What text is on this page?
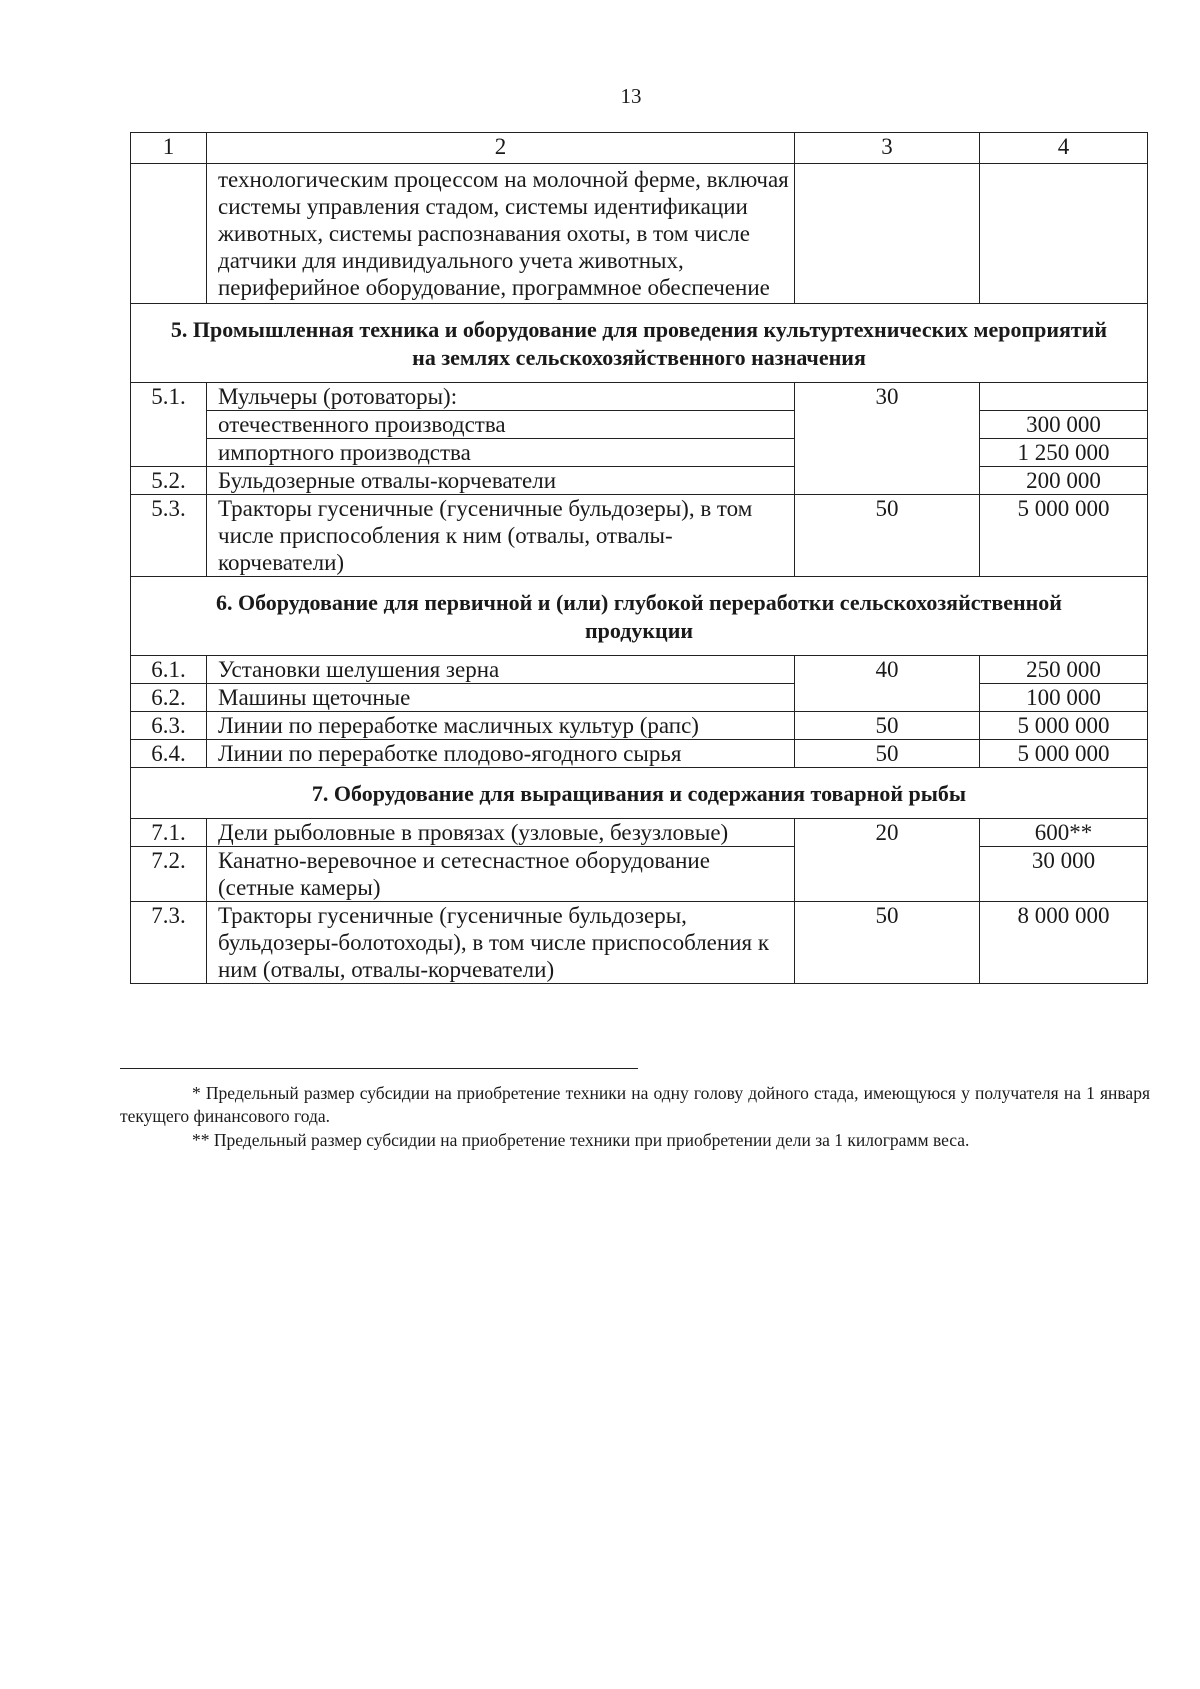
13
1	2	3	4
	технологическим процессом на молочной ферме, включая системы управления стадом, системы идентификации животных, системы распознавания охоты, в том числе датчики для индивидуального учета животных, периферийное оборудование, программное обеспечение		
5. Промышленная техника и оборудование для проведения культуртехнических мероприятий на землях сельскохозяйственного назначения			
5.1.	Мульчеры (ротоваторы):	30	
	отечественного производства		300 000
	импортного производства		1 250 000
5.2.	Бульдозерные отвалы-корчеватели		200 000
5.3.	Тракторы гусеничные (гусеничные бульдозеры), в том числе приспособления к ним (отвалы, отвалы-корчеватели)	50	5 000 000
6. Оборудование для первичной и (или) глубокой переработки сельскохозяйственной продукции			
6.1.	Установки шелушения зерна	40	250 000
6.2.	Машины щеточные		100 000
6.3.	Линии по переработке масличных культур (рапс)	50	5 000 000
6.4.	Линии по переработке плодово-ягодного сырья	50	5 000 000
7. Оборудование для выращивания и содержания товарной рыбы			
7.1.	Дели рыболовные в провязах (узловые, безузловые)	20	600**
7.2.	Канатно-веревочное и сетеснастное оборудование (сетные камеры)		30 000
7.3.	Тракторы гусеничные (гусеничные бульдозеры, бульдозеры-болотоходы), в том числе приспособления к ним (отвалы, отвалы-корчеватели)	50	8 000 000
* Предельный размер субсидии на приобретение техники на одну голову дойного стада, имеющуюся у получателя на 1 января текущего финансового года.
** Предельный размер субсидии на приобретение техники при приобретении дели за 1 килограмм веса.
